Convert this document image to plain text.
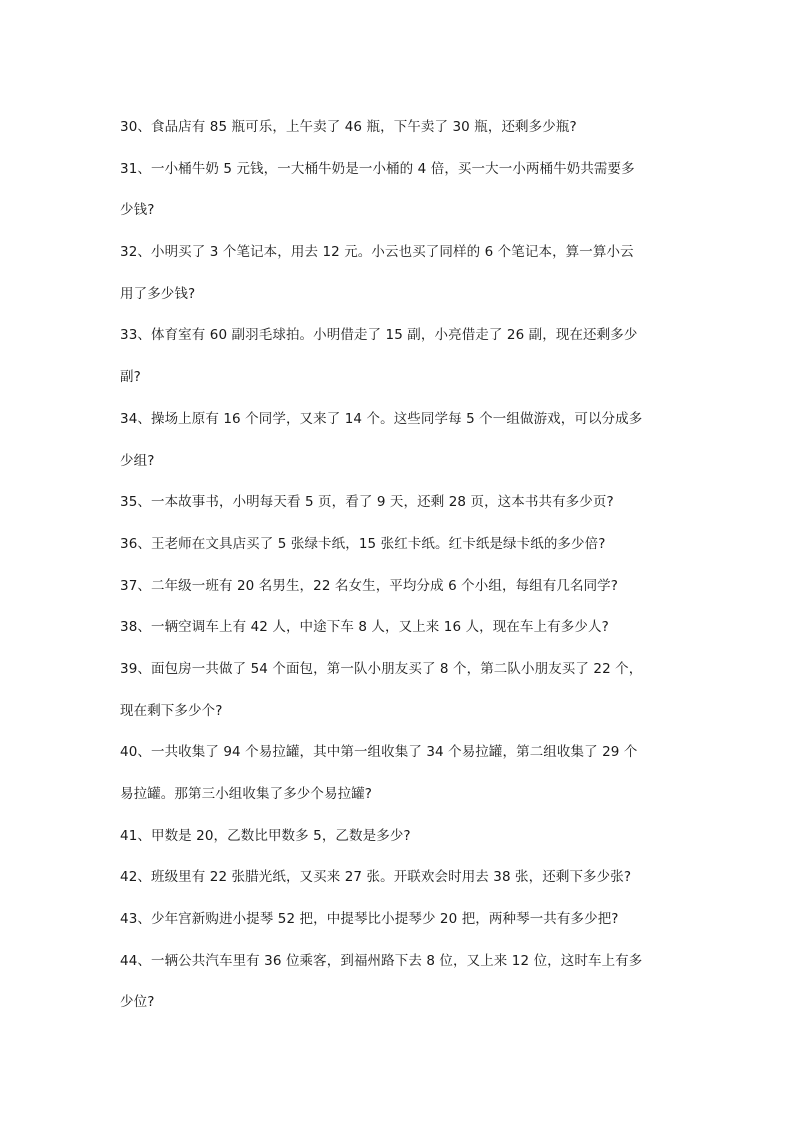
30、食品店有 85 瓶可乐，上午卖了 46 瓶，下午卖了 30 瓶，还剩多少瓶?
31、一小桶牛奶 5 元钱，一大桶牛奶是一小桶的 4 倍，买一大一小两桶牛奶共需要多
少钱?
32、小明买了 3 个笔记本，用去 12 元。小云也买了同样的 6 个笔记本，算一算小云
用了多少钱?
33、体育室有 60 副羽毛球拍。小明借走了 15 副，小亮借走了 26 副，现在还剩多少
副?
34、操场上原有 16 个同学，又来了 14 个。这些同学每 5 个一组做游戏，可以分成多
少组?
35、一本故事书，小明每天看 5 页，看了 9 天，还剩 28 页，这本书共有多少页?
36、王老师在文具店买了 5 张绿卡纸，15 张红卡纸。红卡纸是绿卡纸的多少倍?
37、二年级一班有 20 名男生，22 名女生，平均分成 6 个小组，每组有几名同学?
38、一辆空调车上有 42 人，中途下车 8 人，又上来 16 人，现在车上有多少人?
39、面包房一共做了 54 个面包，第一队小朋友买了 8 个，第二队小朋友买了 22 个，
现在剩下多少个?
40、一共收集了 94 个易拉罐，其中第一组收集了 34 个易拉罐，第二组收集了 29 个
易拉罐。那第三小组收集了多少个易拉罐?
41、甲数是 20，乙数比甲数多 5，乙数是多少?
42、班级里有 22 张腊光纸，又买来 27 张。开联欢会时用去 38 张，还剩下多少张?
43、少年宫新购进小提琴 52 把，中提琴比小提琴少 20 把，两种琴一共有多少把?
44、一辆公共汽车里有 36 位乘客，到福州路下去 8 位，又上来 12 位，这时车上有多
少位?
